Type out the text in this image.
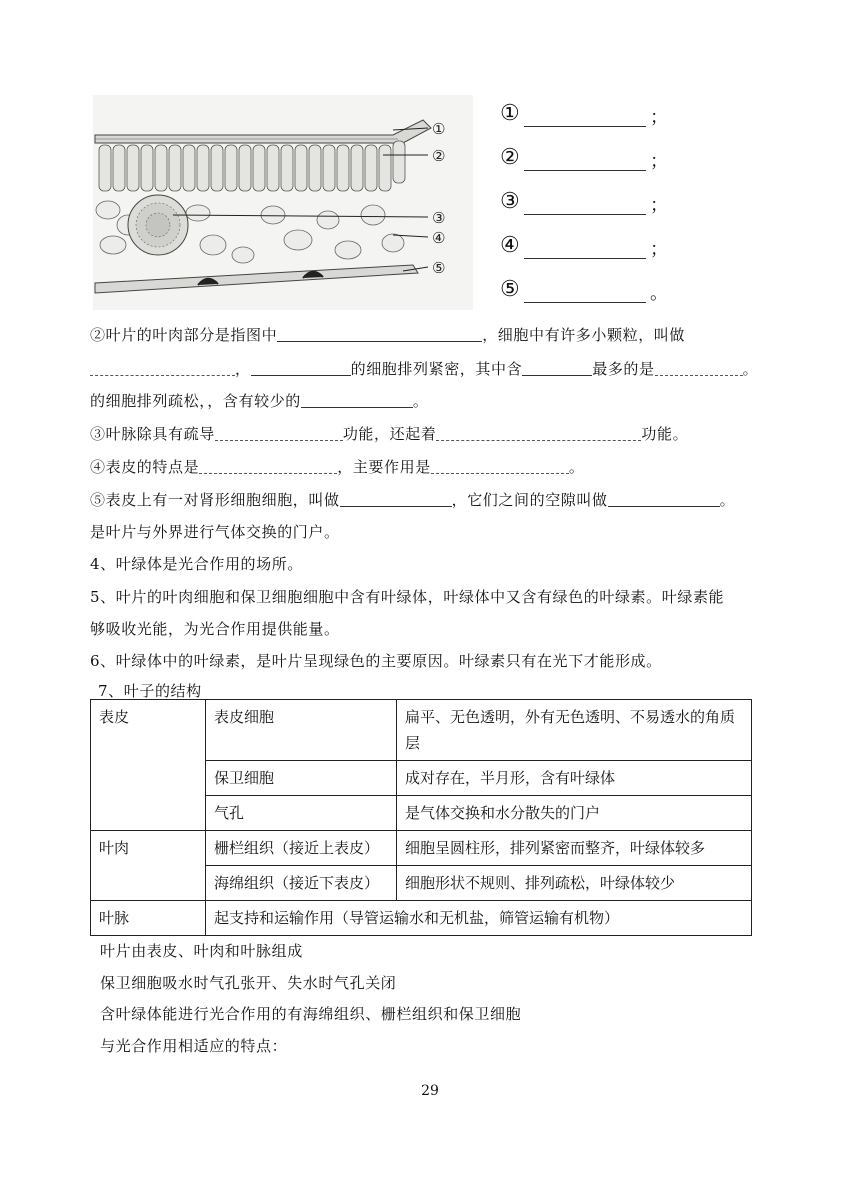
①
②
③
④
⑤
①	；
②	；
③	；
④	；
⑤	。
②叶片的叶肉部分是指图中	，细胞中有许多小颗粒，叫做
，	的细胞排列紧密，其中含	最多的是	。
的细胞排列疏松，，含有较少的	。
③叶脉除具有疏导	功能，还起着	功能。
④表皮的特点是	，主要作用是	。
⑤表皮上有一对肾形细胞细胞，叫做	，它们之间的空隙叫做	。
是叶片与外界进行气体交换的门户。
4、叶绿体是光合作用的场所。
5、叶片的叶肉细胞和保卫细胞细胞中含有叶绿体，叶绿体中又含有绿色的叶绿素。叶绿素能
够吸收光能，为光合作用提供能量。
6、叶绿体中的叶绿素，是叶片呈现绿色的主要原因。叶绿素只有在光下才能形成。
7、叶子的结构
表皮	表皮细胞	扁平、无色透明，外有无色透明、不易透水的角质层
	保卫细胞	成对存在，半月形，含有叶绿体
	气孔	是气体交换和水分散失的门户
叶肉	栅栏组织（接近上表皮）	细胞呈圆柱形，排列紧密而整齐，叶绿体较多
	海绵组织（接近下表皮）	细胞形状不规则、排列疏松，叶绿体较少
叶脉	起支持和运输作用（导管运输水和无机盐，筛管运输有机物）	
叶片由表皮、叶肉和叶脉组成
保卫细胞吸水时气孔张开、失水时气孔关闭
含叶绿体能进行光合作用的有海绵组织、栅栏组织和保卫细胞
与光合作用相适应的特点：
29
